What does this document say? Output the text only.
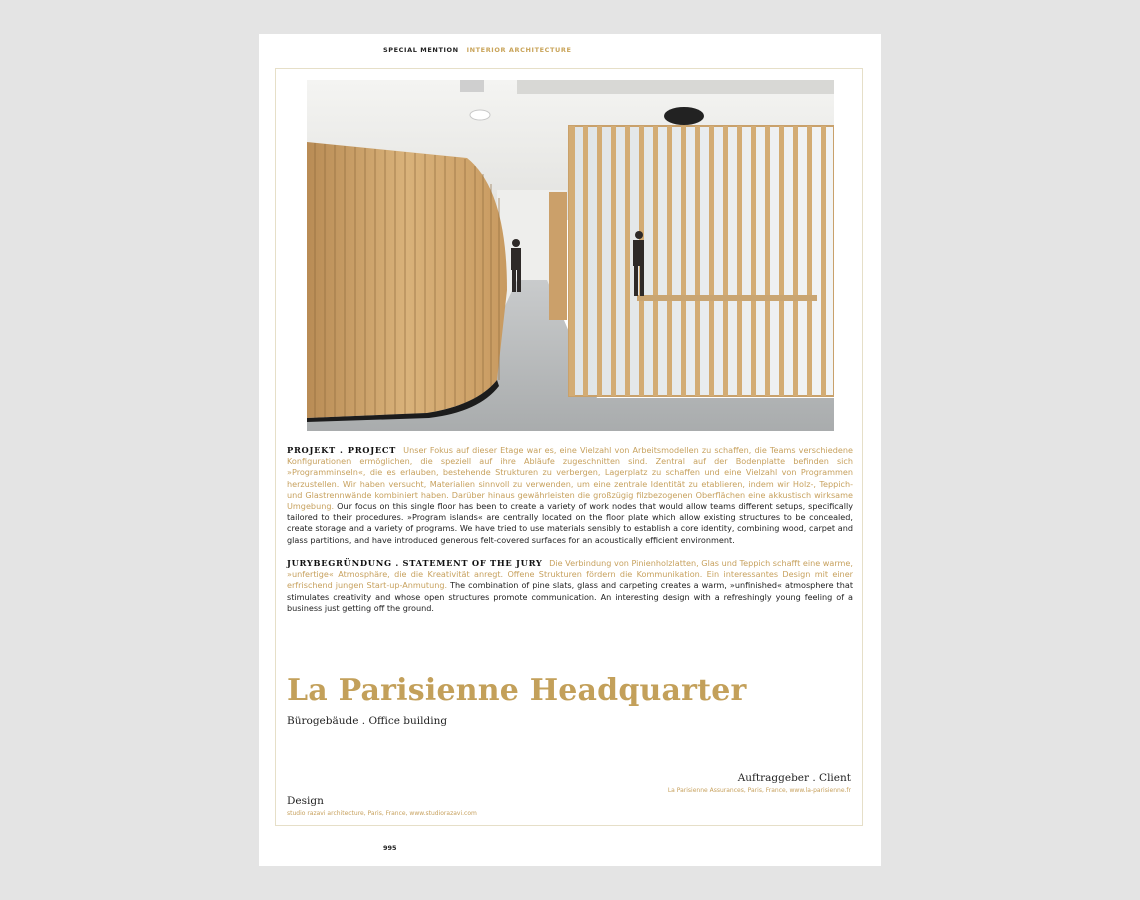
SPECIAL MENTION INTERIOR ARCHITECTURE
PROJEKT . PROJECT Unser Fokus auf dieser Etage war es, eine Vielzahl von Arbeitsmodellen zu schaffen, die Teams verschiedene Konfigurationen ermöglichen, die speziell auf ihre Abläufe zugeschnitten sind. Zentral auf der Bodenplatte befinden sich »Programminseln«, die es erlauben, bestehende Strukturen zu verbergen, Lagerplatz zu schaffen und eine Vielzahl von Programmen herzustellen. Wir haben versucht, Materialien sinnvoll zu verwenden, um eine zentrale Identität zu etablieren, indem wir Holz-, Teppich- und Glastrennwände kombiniert haben. Darüber hinaus gewährleisten die großzügig filzbezogenen Oberflächen eine akkustisch wirksame Umgebung. Our focus on this single floor has been to create a variety of work nodes that would allow teams different setups, specifically tailored to their procedures. »Program islands« are centrally located on the floor plate which allow existing structures to be concealed, create storage and a variety of programs. We have tried to use materials sensibly to establish a core identity, combining wood, carpet and glass partitions, and have introduced generous felt-covered surfaces for an acoustically efficient environment.
JURYBEGRÜNDUNG . STATEMENT OF THE JURY Die Verbindung von Pinienholzlatten, Glas und Teppich schafft eine warme, »unfertige« Atmosphäre, die die Kreativität anregt. Offene Strukturen fördern die Kommunikation. Ein interessantes Design mit einer erfrischend jungen Start-up-Anmutung. The combination of pine slats, glass and carpeting creates a warm, »unfinished« atmosphere that stimulates creativity and whose open structures promote communication. An interesting design with a refreshingly young feeling of a business just getting off the ground.
La Parisienne Headquarter
Bürogebäude . Office building
Auftraggeber . Client
La Parisienne Assurances, Paris, France, www.la-parisienne.fr
Design
studio razavi architecture, Paris, France, www.studiorazavi.com
995
